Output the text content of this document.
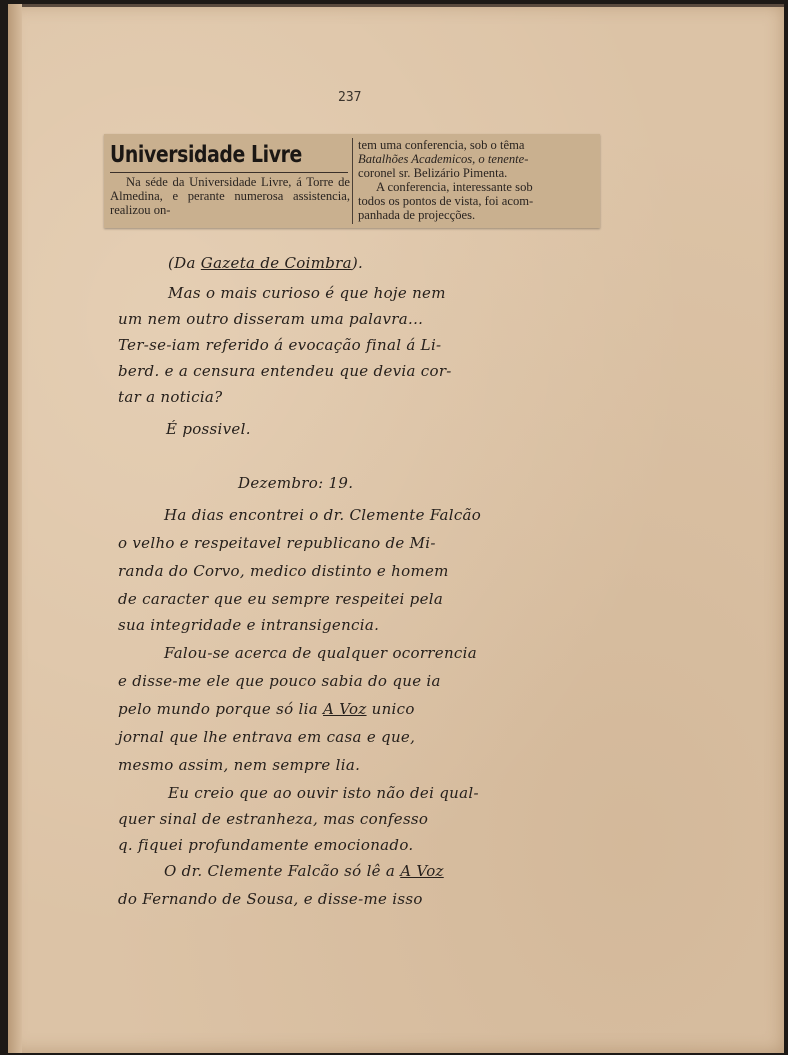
237
Universidade Livre
Na séde da Universidade Livre, á Torre de Almedina, e perante numerosa assistencia, realizou on-

tem uma conferencia, sob o têma

Batalhões Academicos, o tenente-

coronel sr. Belizário Pimenta.

A conferencia, interessante sob

todos os pontos de vista, foi acom-

panhada de projecções.

(Da Gazeta de Coimbra).
Mas o mais curioso é que hoje nem
um nem outro disseram uma palavra...
Ter-se-iam referido á evocação final á Li-
berd. e a censura entendeu que devia cor-
tar a noticia?
É possivel.
Dezembro: 19.
Ha dias encontrei o dr. Clemente Falcão
o velho e respeitavel republicano de Mi-
randa do Corvo, medico distinto e homem
de caracter que eu sempre respeitei pela
sua integridade e intransigencia.
Falou-se acerca de qualquer ocorrencia
e disse-me ele que pouco sabia do que ia
pelo mundo porque só lia A Voz unico
jornal que lhe entrava em casa e que,
mesmo assim, nem sempre lia.
Eu creio que ao ouvir isto não dei qual-
quer sinal de estranheza, mas confesso
q. fiquei profundamente emocionado.
O dr. Clemente Falcão só lê a A Voz
do Fernando de Sousa, e disse-me isso
